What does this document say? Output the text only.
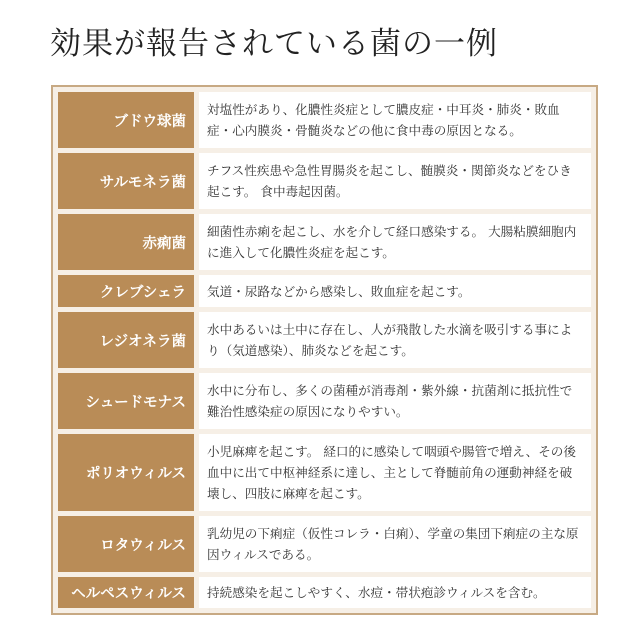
効果が報告されている菌の一例
ブドウ球菌
対塩性があり、化膿性炎症として膿皮症・中耳炎・肺炎・敗血症・心内膜炎・骨髄炎などの他に食中毒の原因となる。
サルモネラ菌
チフス性疾患や急性胃腸炎を起こし、髄膜炎・関節炎などをひき起こす。 食中毒起因菌。
赤痢菌
細菌性赤痢を起こし、水を介して経口感染する。 大腸粘膜細胞内に進入して化膿性炎症を起こす。
クレブシェラ	気道・尿路などから感染し、敗血症を起こす。
レジオネラ菌
水中あるいは土中に存在し、人が飛散した水滴を吸引する事により（気道感染）、肺炎などを起こす。
シュードモナス
水中に分布し、多くの菌種が消毒剤・紫外線・抗菌剤に抵抗性で難治性感染症の原因になりやすい。
ポリオウィルス
小児麻痺を起こす。 経口的に感染して咽頭や腸管で増え、その後血中に出て中枢神経系に達し、主として脊髄前角の運動神経を破壊し、四肢に麻痺を起こす。
ロタウィルス
乳幼児の下痢症（仮性コレラ・白痢）、学童の集団下痢症の主な原因ウィルスである。
ヘルペスウィルス	持続感染を起こしやすく、水痘・帯状疱診ウィルスを含む。
